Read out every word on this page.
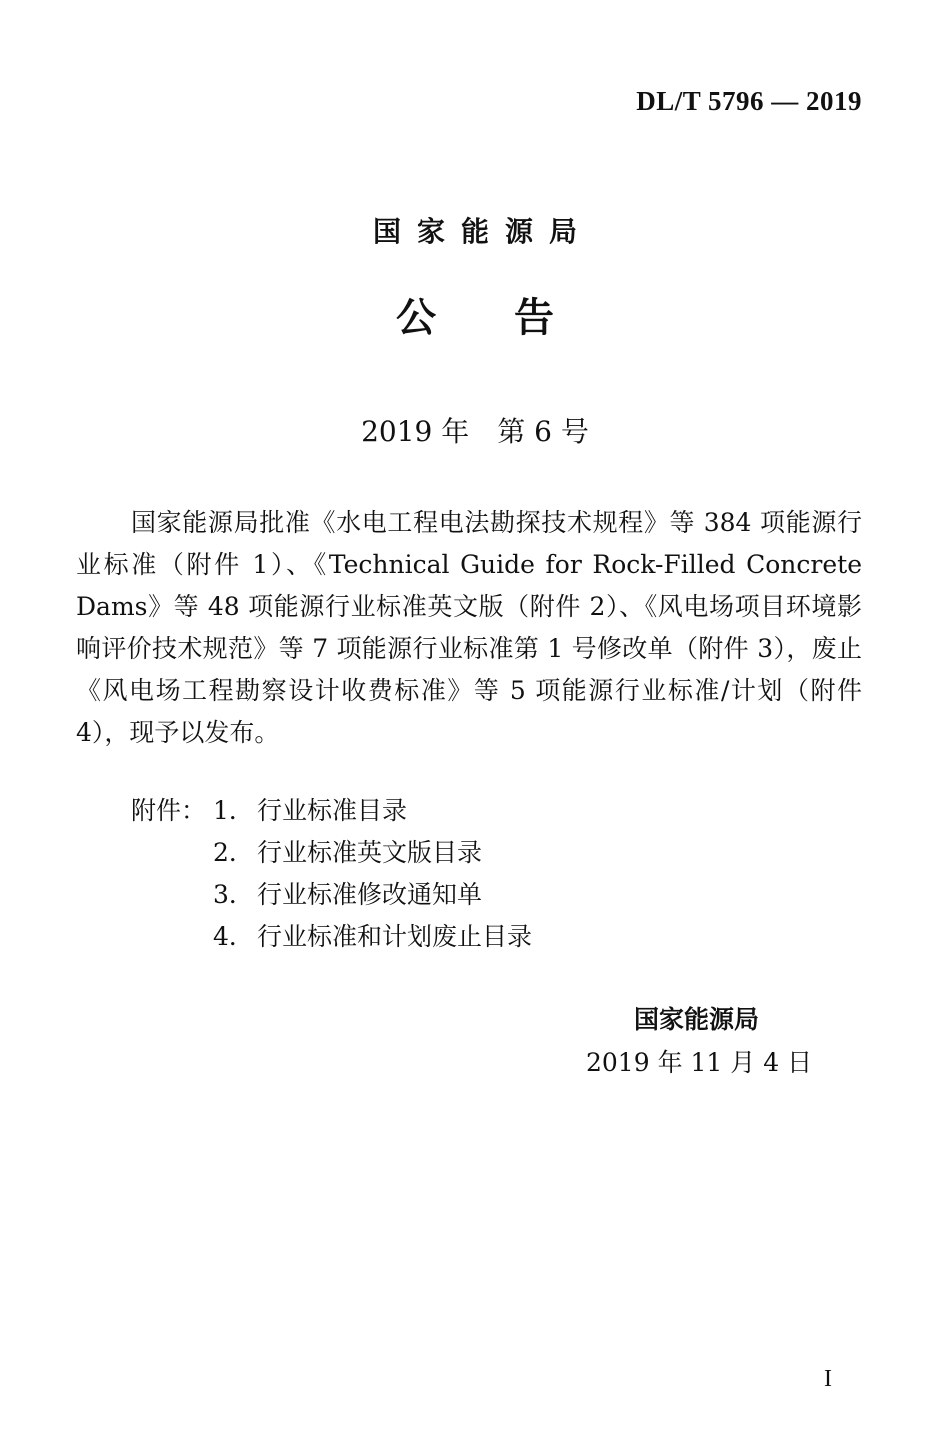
DL/T 5796 — 2019
国家能源局
公告
2019 年 第 6 号

国家能源局批准《水电工程电法勘探技术规程》等 384 项能源行业标准（附件 1）、《Technical Guide for Rock-Filled Concrete Dams》等 48 项能源行业标准英文版（附件 2）、《风电场项目环境影响评价技术规范》等 7 项能源行业标准第 1 号修改单（附件 3），废止《风电场工程勘察设计收费标准》等 5 项能源行业标准/计划（附件 4），现予以发布。

附件： 1． 行业标准目录
2． 行业标准英文版目录
3． 行业标准修改通知单
4． 行业标准和计划废止目录
国家能源局
2019 年 11 月 4 日
I
